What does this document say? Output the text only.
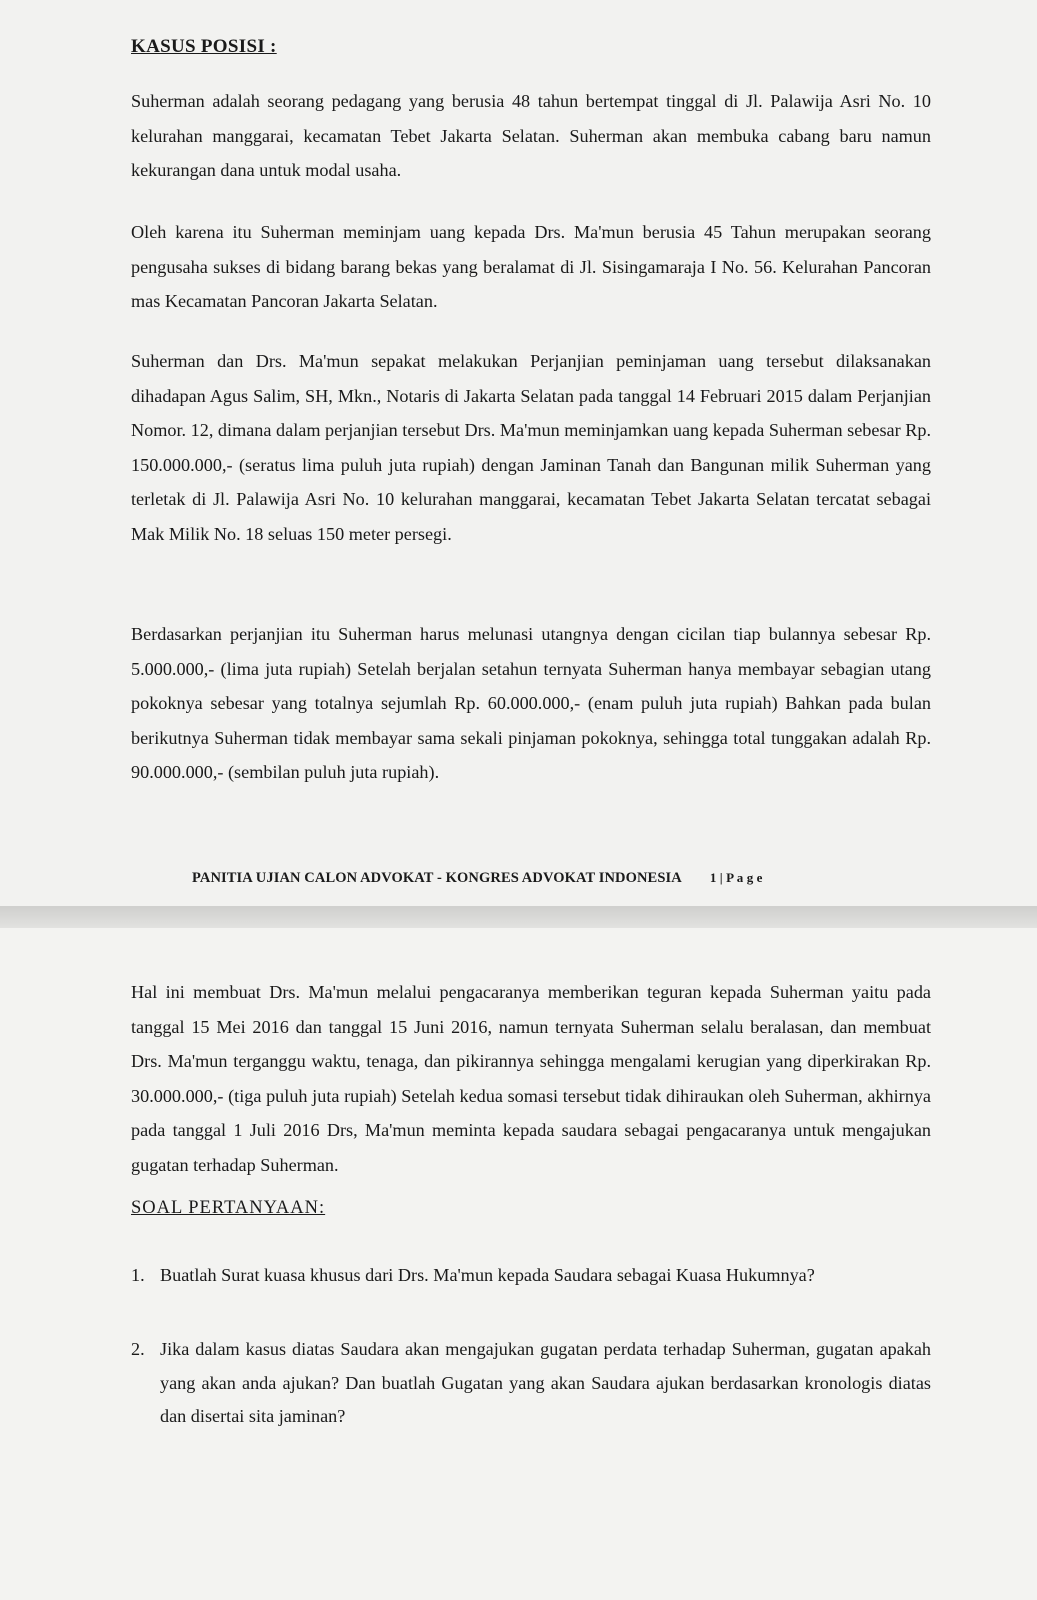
KASUS POSISI :
Suherman adalah seorang pedagang yang berusia 48 tahun bertempat tinggal di Jl. Palawija Asri No. 10 kelurahan manggarai, kecamatan Tebet Jakarta Selatan. Suherman akan membuka cabang baru namun kekurangan dana untuk modal usaha.
Oleh karena itu Suherman meminjam uang kepada Drs. Ma'mun berusia 45 Tahun merupakan seorang pengusaha sukses di bidang barang bekas yang beralamat di Jl. Sisingamaraja I No. 56. Kelurahan Pancoran mas Kecamatan Pancoran Jakarta Selatan.
Suherman dan Drs. Ma'mun sepakat melakukan Perjanjian peminjaman uang tersebut dilaksanakan dihadapan Agus Salim, SH, Mkn., Notaris di Jakarta Selatan pada tanggal 14 Februari 2015 dalam Perjanjian Nomor. 12, dimana dalam perjanjian tersebut Drs. Ma'mun meminjamkan uang kepada Suherman sebesar Rp. 150.000.000,- (seratus lima puluh juta rupiah) dengan Jaminan Tanah dan Bangunan milik Suherman yang terletak di Jl. Palawija Asri No. 10 kelurahan manggarai, kecamatan Tebet Jakarta Selatan tercatat sebagai Mak Milik No. 18 seluas 150 meter persegi.
Berdasarkan perjanjian itu Suherman harus melunasi utangnya dengan cicilan tiap bulannya sebesar Rp. 5.000.000,- (lima juta rupiah) Setelah berjalan setahun ternyata Suherman hanya membayar sebagian utang pokoknya sebesar yang totalnya sejumlah Rp. 60.000.000,- (enam puluh juta rupiah) Bahkan pada bulan berikutnya Suherman tidak membayar sama sekali pinjaman pokoknya, sehingga total tunggakan adalah Rp. 90.000.000,- (sembilan puluh juta rupiah).
PANITIA UJIAN CALON ADVOKAT - KONGRES ADVOKAT INDONESIA 1 | P a g e
Hal ini membuat Drs. Ma'mun melalui pengacaranya memberikan teguran kepada Suherman yaitu pada tanggal 15 Mei 2016 dan tanggal 15 Juni 2016, namun ternyata Suherman selalu beralasan, dan membuat Drs. Ma'mun terganggu waktu, tenaga, dan pikirannya sehingga mengalami kerugian yang diperkirakan Rp. 30.000.000,- (tiga puluh juta rupiah) Setelah kedua somasi tersebut tidak dihiraukan oleh Suherman, akhirnya pada tanggal 1 Juli 2016 Drs, Ma'mun meminta kepada saudara sebagai pengacaranya untuk mengajukan gugatan terhadap Suherman.
SOAL PERTANYAAN:
1. Buatlah Surat kuasa khusus dari Drs. Ma'mun kepada Saudara sebagai Kuasa Hukumnya?
2. Jika dalam kasus diatas Saudara akan mengajukan gugatan perdata terhadap Suherman, gugatan apakah yang akan anda ajukan? Dan buatlah Gugatan yang akan Saudara ajukan berdasarkan kronologis diatas dan disertai sita jaminan?
